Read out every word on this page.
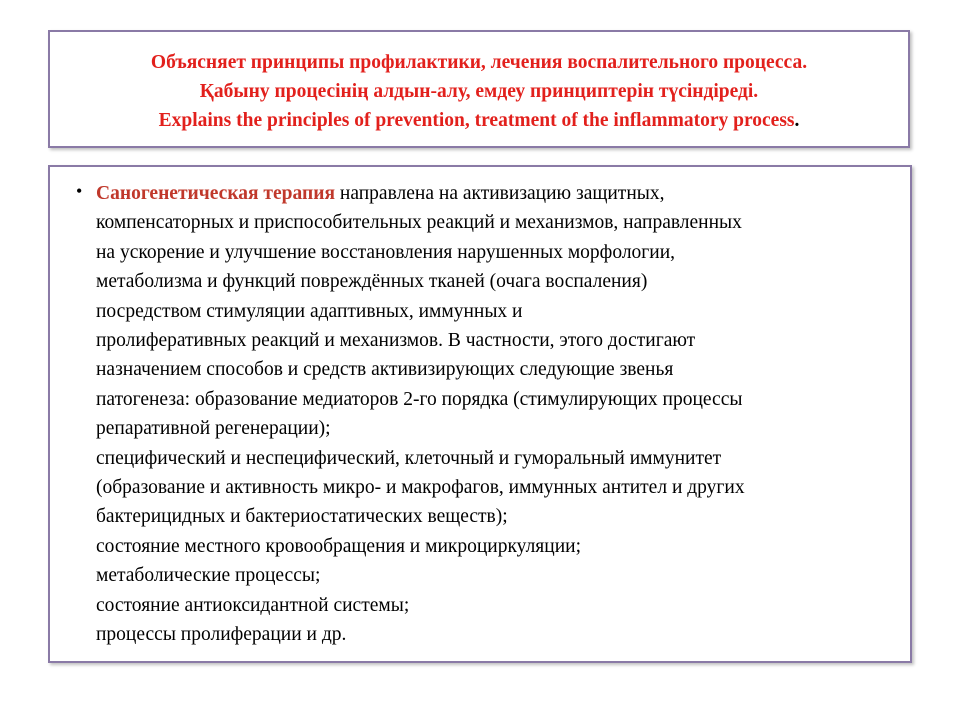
Объясняет принципы профилактики, лечения воспалительного процесса.
Қабыну процесінің алдын-алу, емдеу принциптерін түсіндіреді.
Explains the principles of prevention, treatment of the inflammatory process.
• Саногенетическая терапия направлена на активизацию защитных,
компенсаторных и приспособительных реакций и механизмов, направленных
на ускорение и улучшение восстановления нарушенных морфологии,
метаболизма и функций повреждённых тканей (очага воспаления)
посредством стимуляции адаптивных, иммунных и
пролиферативных реакций и механизмов. В частности, этого достигают
назначением способов и средств активизирующих следующие звенья
патогенеза: образование медиаторов 2-го порядка (стимулирующих процессы
репаративной регенерации);
специфический и неспецифический, клеточный и гуморальный иммунитет
(образование и активность микро- и макрофагов, иммунных антител и других
бактерицидных и бактериостатических веществ);
состояние местного кровообращения и микроциркуляции;
метаболические процессы;
состояние антиоксидантной системы;
процессы пролиферации и др.
